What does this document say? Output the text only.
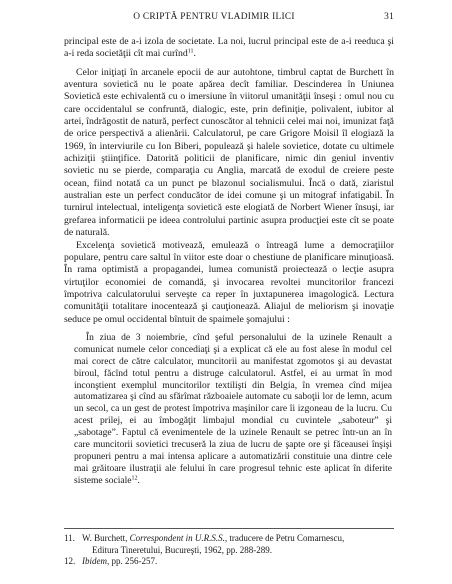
O CRIPTĂ PENTRU VLADIMIR ILICI	31

principal este de a-i izola de societate. La noi, lucrul principal este de a-i reeduca şi a-i reda societăţii cît mai curînd$^{11}$.

Celor iniţiaţi în arcanele epocii de aur autohtone, timbrul captat de Burchett în aventura sovietică nu le poate apărea decît familiar. Descinderea în Uniunea Sovietică este echivalentă cu o imersiune în viitorul umanităţii înseşi : omul nou cu care occidentalul se confruntă, dialogic, este, prin definiţie, polivalent, iubitor al artei, îndrăgostit de natură, perfect cunoscător al tehnicii celei mai noi, imunizat faţă de orice perspectivă a alienării. Calculatorul, pe care Grigore Moisil îl elogiază la 1969, în interviurile cu Ion Biberi, populează şi halele sovietice, dotate cu ultimele achiziţii ştiinţifice. Datorită politicii de planificare, nimic din geniul inventiv sovietic nu se pierde, comparaţia cu Anglia, marcată de exodul de creiere peste ocean, fiind notată ca un punct pe blazonul socialismului. Încă o dată, ziaristul australian este un perfect conducător de idei comune şi un mitograf infatigabil. În turnirul intelectual, inteligenţa sovietică este elogiată de Norbert Wiener însuşi, iar grefarea informaticii pe ideea controlului partinic asupra producţiei este cît se poate de naturală.

Excelenţa sovietică motivează, emulează o întreagă lume a democraţiilor populare, pentru care saltul în viitor este doar o chestiune de planificare minuţioasă. În rama optimistă a propagandei, lumea comunistă proiectează o lecţie asupra virtuţilor economiei de comandă, şi invocarea revoltei muncitorilor francezi împotriva calculatorului serveşte ca reper în juxtapunerea imagologică. Lectura comunităţii totalitare inocentează şi cauţionează. Aliajul de meliorism şi inovaţie seduce pe omul occidental bîntuit de spaimele şomajului :

În ziua de 3 noiembrie, cînd şeful personalului de la uzinele Renault a comunicat numele celor concediaţi şi a explicat că ele au fost alese în modul cel mai corect de către calculator, muncitorii au manifestat zgomotos şi au devastat biroul, făcînd totul pentru a distruge calculatorul. Astfel, ei au urmat în mod inconştient exemplul muncitorilor textilişti din Belgia, în vremea cînd mijea automatizarea şi cînd au sfărîmat războaiele automate cu saboţii lor de lemn, acum un secol, ca un gest de protest împotriva maşinilor care îi izgoneau de la lucru. Cu acest prilej, ei au îmbogăţit limbajul mondial cu cuvintele „saboteur” şi „sabotage”. Faptul că evenimentele de la uzinele Renault se petrec într-un an în care muncitorii sovietici trecuseră la ziua de lucru de şapte ore şi făceausei înşişi propuneri pentru a mai intensa aplicare a automatizării constituie una dintre cele mai grăitoare ilustraţii ale felului în care progresul tehnic este aplicat în diferite sisteme sociale$^{12}$.

11. W. Burchett, Correspondent in U.R.S.S., traducere de Petru Comarnescu,
Editura Tineretului, Bucureşti, 1962, pp. 288-289.
12. Ibidem, pp. 256-257.
